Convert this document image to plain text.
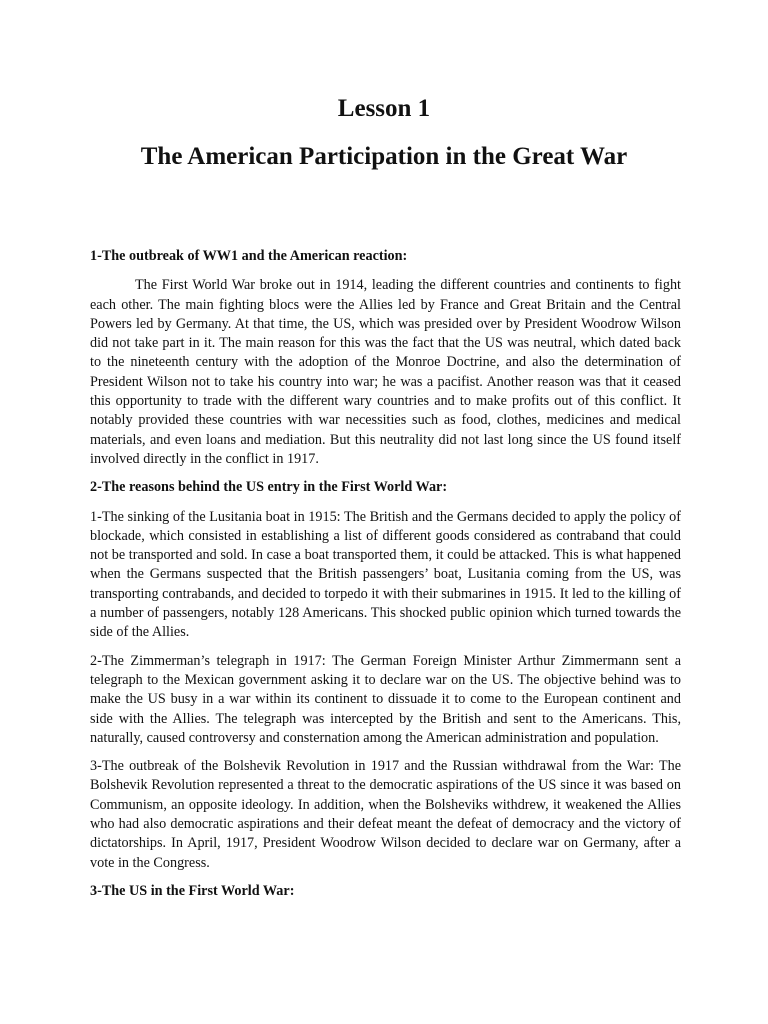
Lesson 1
The American Participation in the Great War

1-The outbreak of WW1 and the American reaction:

The First World War broke out in 1914, leading the different countries and continents to fight each other. The main fighting blocs were the Allies led by France and Great Britain and the Central Powers led by Germany. At that time, the US, which was presided over by President Woodrow Wilson did not take part in it. The main reason for this was the fact that the US was neutral, which dated back to the nineteenth century with the adoption of the Monroe Doctrine, and also the determination of President Wilson not to take his country into war; he was a pacifist. Another reason was that it ceased this opportunity to trade with the different wary countries and to make profits out of this conflict. It notably provided these countries with war necessities such as food, clothes, medicines and medical materials, and even loans and mediation. But this neutrality did not last long since the US found itself involved directly in the conflict in 1917.

2-The reasons behind the US entry in the First World War:

1-The sinking of the Lusitania boat in 1915: The British and the Germans decided to apply the policy of blockade, which consisted in establishing a list of different goods considered as contraband that could not be transported and sold. In case a boat transported them, it could be attacked. This is what happened when the Germans suspected that the British passengers’ boat, Lusitania coming from the US, was transporting contrabands, and decided to torpedo it with their submarines in 1915. It led to the killing of a number of passengers, notably 128 Americans. This shocked public opinion which turned towards the side of the Allies.

2-The Zimmerman’s telegraph in 1917: The German Foreign Minister Arthur Zimmermann sent a telegraph to the Mexican government asking it to declare war on the US. The objective behind was to make the US busy in a war within its continent to dissuade it to come to the European continent and side with the Allies. The telegraph was intercepted by the British and sent to the Americans. This, naturally, caused controversy and consternation among the American administration and population.

3-The outbreak of the Bolshevik Revolution in 1917 and the Russian withdrawal from the War: The Bolshevik Revolution represented a threat to the democratic aspirations of the US since it was based on Communism, an opposite ideology. In addition, when the Bolsheviks withdrew, it weakened the Allies who had also democratic aspirations and their defeat meant the defeat of democracy and the victory of dictatorships. In April, 1917, President Woodrow Wilson decided to declare war on Germany, after a vote in the Congress.

3-The US in the First World War:
